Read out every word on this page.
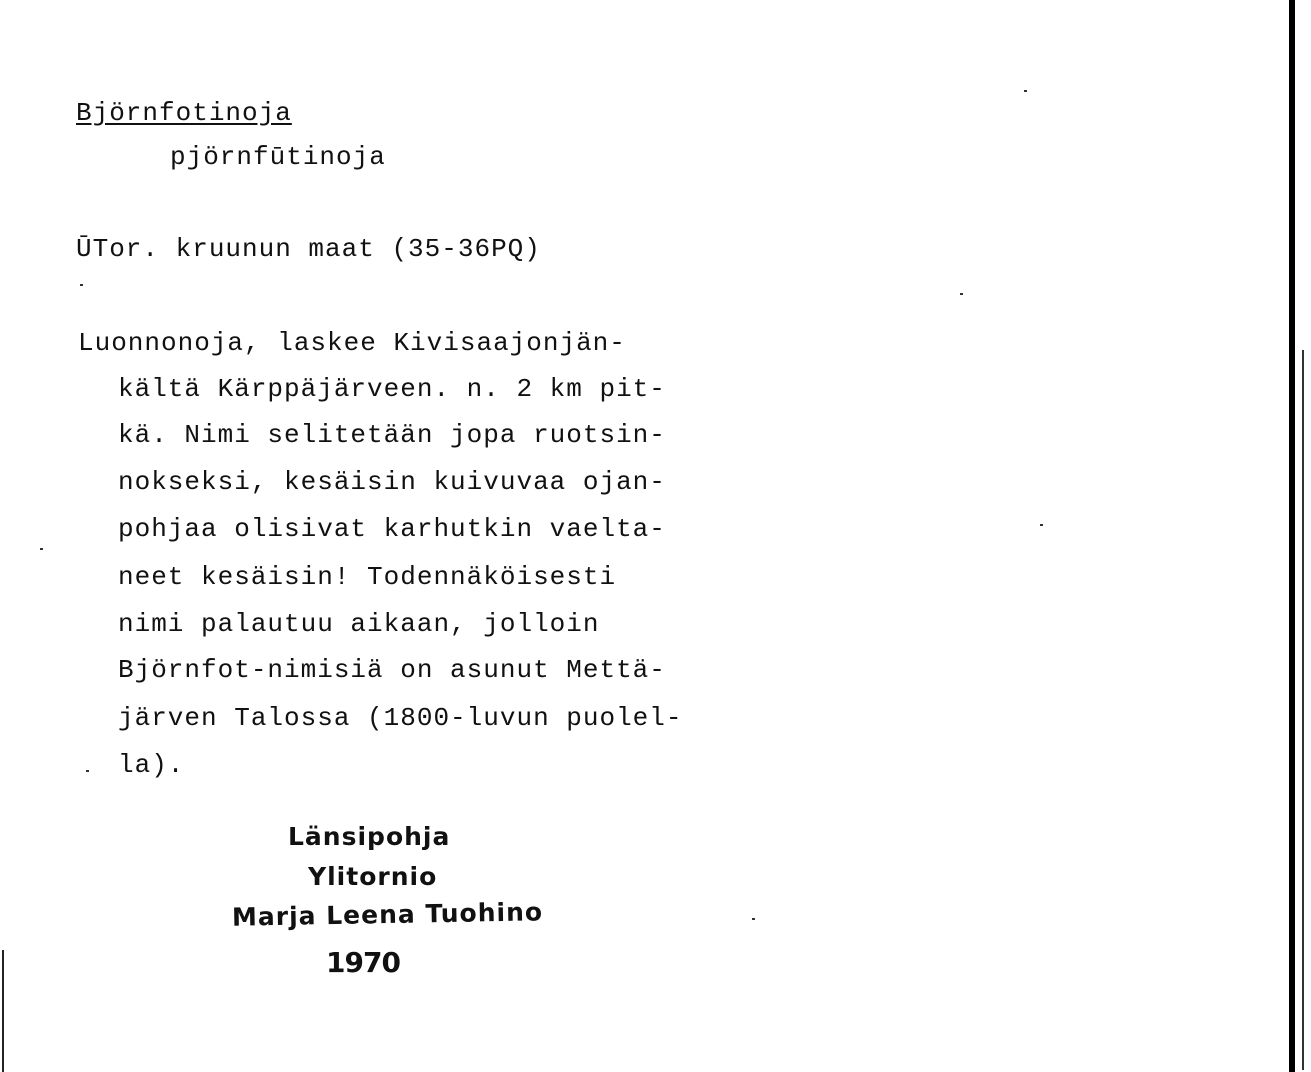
Björnfotinoja
pjörnfūtinoja
ŪTor. kruunun maat (35-36PQ)
Luonnonoja, laskee Kivisaajonjän-
kältä Kärppäjärveen. n. 2 km pit-
kä. Nimi selitetään jopa ruotsin-
nokseksi, kesäisin kuivuvaa ojan-
pohjaa olisivat karhutkin vaelta-
neet kesäisin! Todennäköisesti
nimi palautuu aikaan, jolloin
Björnfot-nimisiä on asunut Mettä-
järven Talossa (1800-luvun puolel-
la).
Länsipohja
Ylitornio
Marja Leena Tuohino
1970
